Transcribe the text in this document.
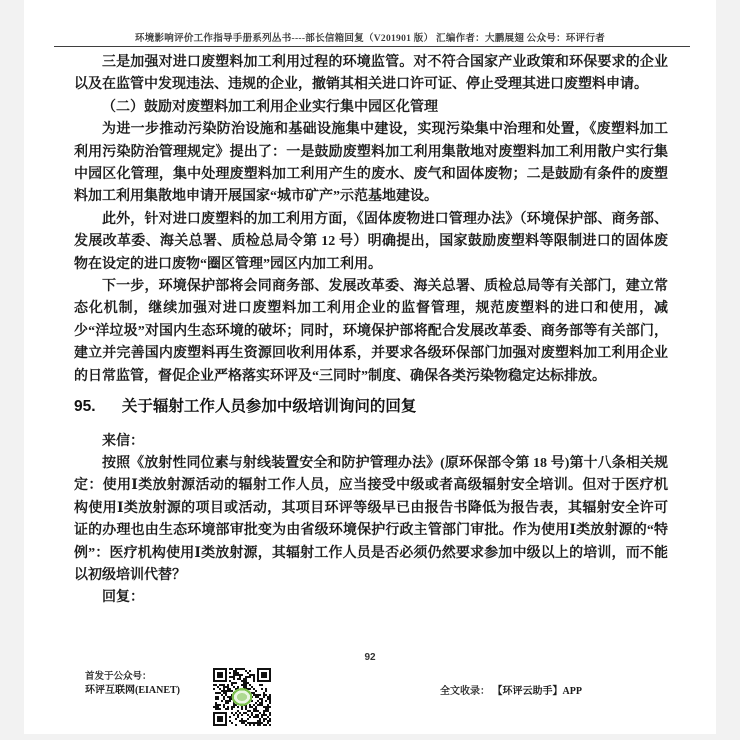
环境影响评价工作指导手册系列丛书----部长信箱回复（V201901 版） 汇编作者：大鹏展翅 公众号：环评行者

三是加强对进口废塑料加工利用过程的环境监管。对不符合国家产业政策和环保要求的企业以及在监管中发现违法、违规的企业，撤销其相关进口许可证、停止受理其进口废塑料申请。

（二）鼓励对废塑料加工利用企业实行集中园区化管理

为进一步推动污染防治设施和基础设施集中建设，实现污染集中治理和处置，《废塑料加工利用污染防治管理规定》提出了：一是鼓励废塑料加工利用集散地对废塑料加工利用散户实行集中园区化管理，集中处理废塑料加工利用产生的废水、废气和固体废物；二是鼓励有条件的废塑料加工利用集散地申请开展国家“城市矿产”示范基地建设。

此外，针对进口废塑料的加工利用方面，《固体废物进口管理办法》（环境保护部、商务部、发展改革委、海关总署、质检总局令第 12 号）明确提出，国家鼓励废塑料等限制进口的固体废物在设定的进口废物“圈区管理”园区内加工利用。

下一步，环境保护部将会同商务部、发展改革委、海关总署、质检总局等有关部门，建立常态化机制，继续加强对进口废塑料加工利用企业的监督管理，规范废塑料的进口和使用，减少“洋垃圾”对国内生态环境的破坏；同时，环境保护部将配合发展改革委、商务部等有关部门，建立并完善国内废塑料再生资源回收利用体系，并要求各级环保部门加强对废塑料加工利用企业的日常监管，督促企业严格落实环评及“三同时”制度、确保各类污染物稳定达标排放。

95. 关于辐射工作人员参加中级培训询问的回复

来信：

按照《放射性同位素与射线装置安全和防护管理办法》(原环保部令第 18 号)第十八条相关规定：使用Ⅰ类放射源活动的辐射工作人员，应当接受中级或者高级辐射安全培训。但对于医疗机构使用Ⅰ类放射源的项目或活动，其项目环评等级早已由报告书降低为报告表，其辐射安全许可证的办理也由生态环境部审批变为由省级环境保护行政主管部门审批。作为使用Ⅰ类放射源的“特例”：医疗机构使用Ⅰ类放射源，其辐射工作人员是否必须仍然要求参加中级以上的培训，而不能以初级培训代替？

回复：

92
首发于公众号：
环评互联网(EIANET)	全文收录： 【环评云助手】APP
